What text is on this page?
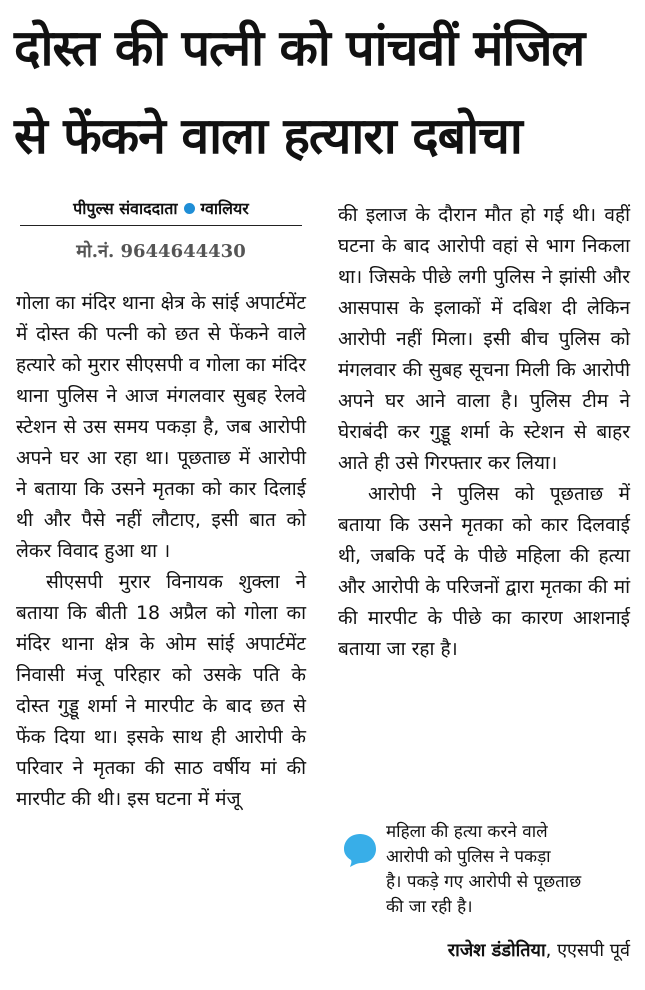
दोस्त की पत्नी को पांचवीं मंजिल
से फेंकने वाला हत्यारा दबोचा
पीपुल्स संवाददाता ग्वालियर
मो.नं. 9644644430

गोला का मंदिर थाना क्षेत्र के सांई अपार्टमेंट में दोस्त की पत्नी को छत से फेंकने वाले हत्यारे को मुरार सीएसपी व गोला का मंदिर थाना पुलिस ने आज मंगलवार सुबह रेलवे स्टेशन से उस समय पकड़ा है, जब आरोपी अपने घर आ रहा था। पूछताछ में आरोपी ने बताया कि उसने मृतका को कार दिलाई थी और पैसे नहीं लौटाए, इसी बात को लेकर विवाद हुआ था ।

सीएसपी मुरार विनायक शुक्ला ने बताया कि बीती 18 अप्रैल को गोला का मंदिर थाना क्षेत्र के ओम सांई अपार्टमेंट निवासी मंजू परिहार को उसके पति के दोस्त गुड्डू शर्मा ने मारपीट के बाद छत से फेंक दिया था। इसके साथ ही आरोपी के परिवार ने मृतका की साठ वर्षीय मां की मारपीट की थी। इस घटना में मंजू

की इलाज के दौरान मौत हो गई थी। वहीं घटना के बाद आरोपी वहां से भाग निकला था। जिसके पीछे लगी पुलिस ने झांसी और आसपास के इलाकों में दबिश दी लेकिन आरोपी नहीं मिला। इसी बीच पुलिस को मंगलवार की सुबह सूचना मिली कि आरोपी अपने घर आने वाला है। पुलिस टीम ने घेराबंदी कर गुड्डू शर्मा के स्टेशन से बाहर आते ही उसे गिरफ्तार कर लिया।

आरोपी ने पुलिस को पूछताछ में बताया कि उसने मृतका को कार दिलवाई थी, जबकि पर्दे के पीछे महिला की हत्या और आरोपी के परिजनों द्वारा मृतका की मां की मारपीट के पीछे का कारण आशनाई बताया जा रहा है।

महिला की हत्या करने वाले
आरोपी को पुलिस ने पकड़ा
है। पकड़े गए आरोपी से पूछताछ
की जा रही है।
राजेश डंडोतिया, एएसपी पूर्व
